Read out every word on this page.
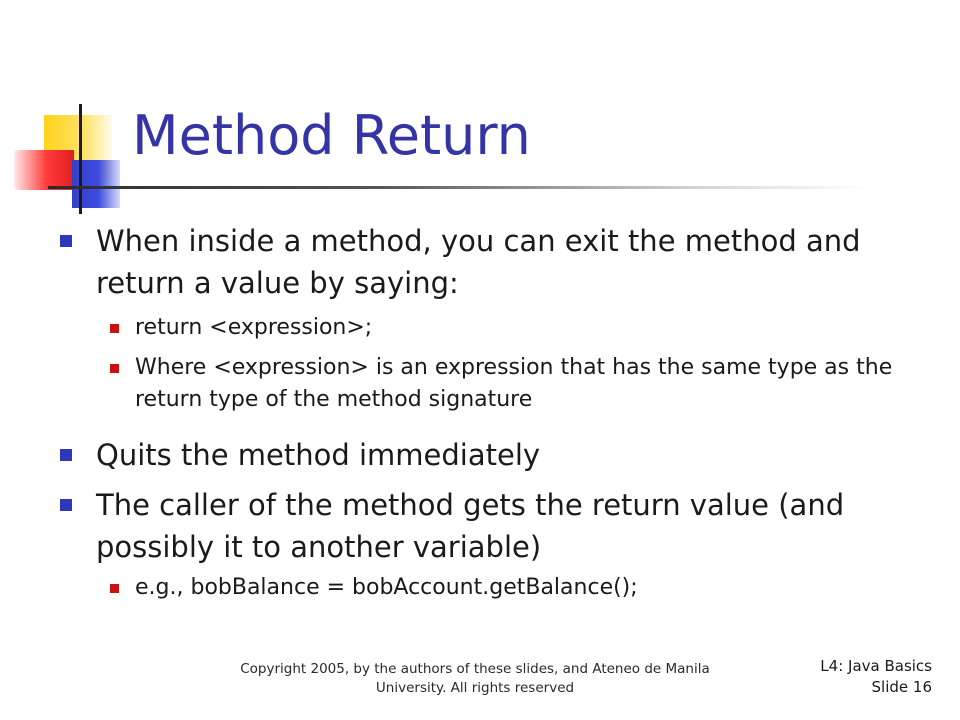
Method Return
When inside a method, you can exit the method and return a value by saying:
return <expression>;
Where <expression> is an expression that has the same type as the return type of the method signature
Quits the method immediately
The caller of the method gets the return value (and possibly it to another variable)
e.g., bobBalance = bobAccount.getBalance();
Copyright 2005, by the authors of these slides, and Ateneo de Manila University. All rights reserved
L4: Java Basics
Slide 16
